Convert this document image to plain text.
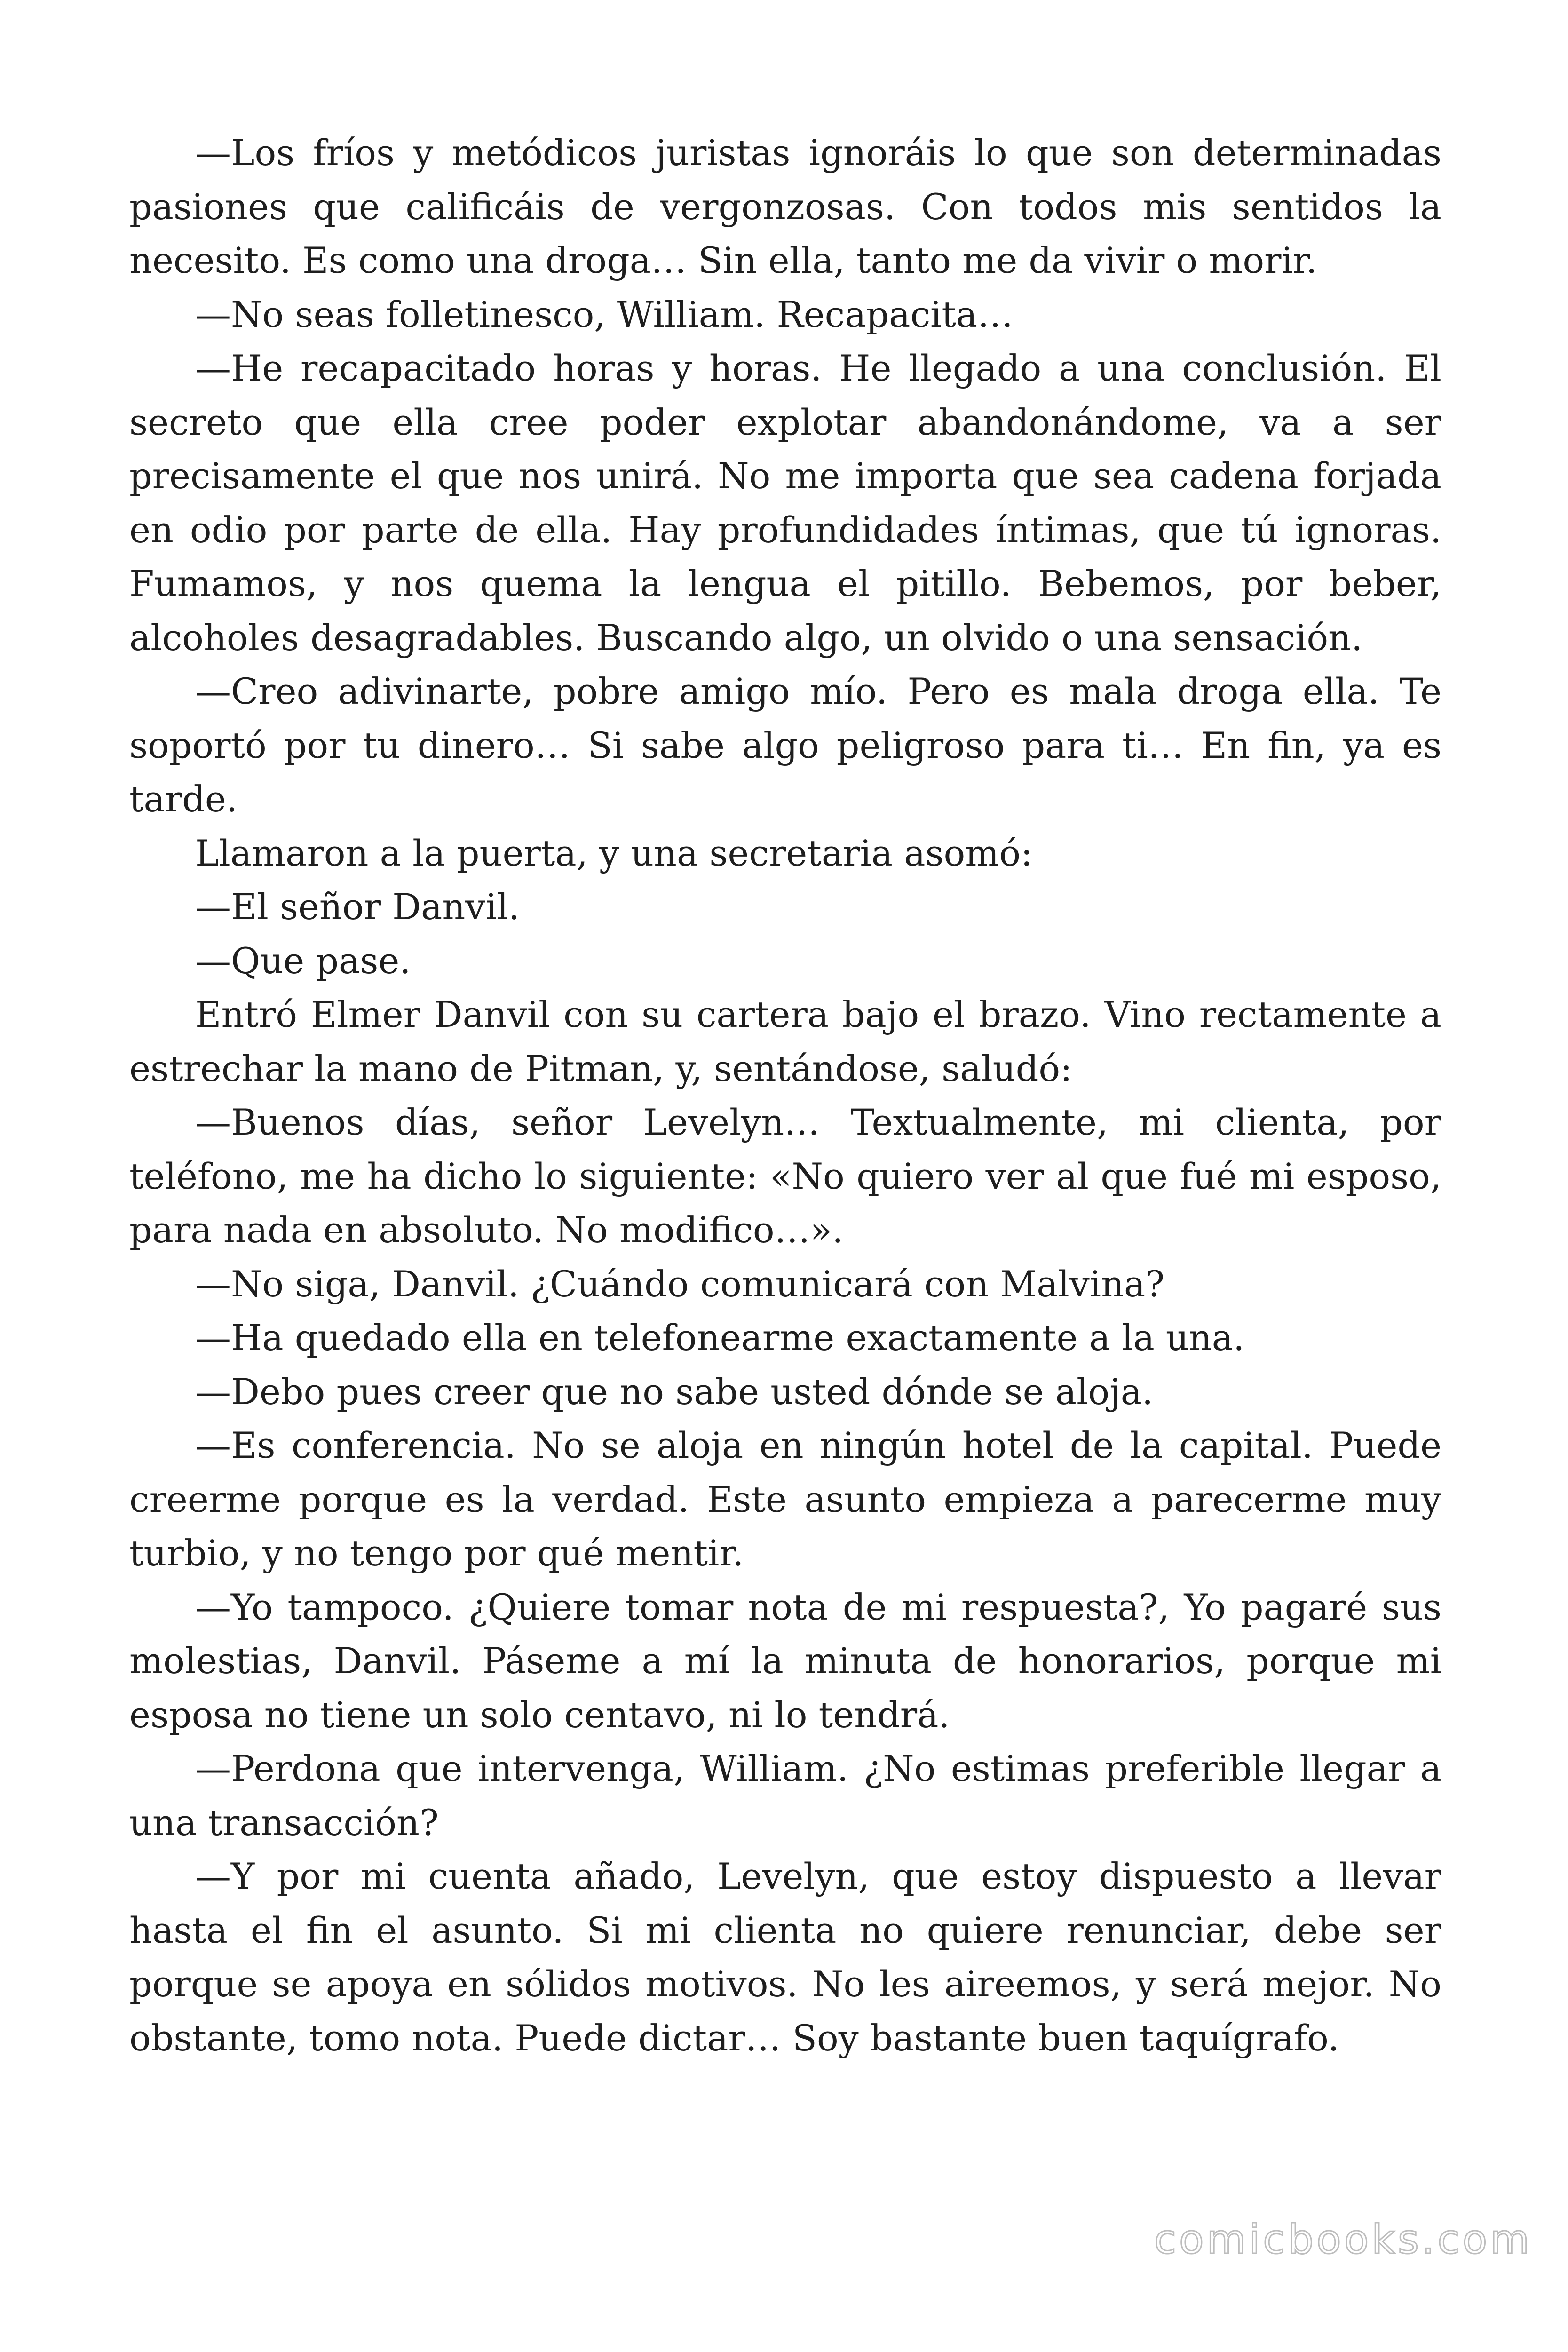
—Los fríos y metódicos juristas ignoráis lo que son determinadas pasiones que calificáis de vergonzosas. Con todos mis sentidos la necesito. Es como una droga… Sin ella, tanto me da vivir o morir.

—No seas folletinesco, William. Recapacita…

—He recapacitado horas y horas. He llegado a una conclusión. El secreto que ella cree poder explotar abandonándome, va a ser precisamente el que nos unirá. No me importa que sea cadena forjada en odio por parte de ella. Hay profundidades íntimas, que tú ignoras. Fumamos, y nos quema la lengua el pitillo. Bebemos, por beber, alcoholes desagradables. Buscando algo, un olvido o una sensación.

—Creo adivinarte, pobre amigo mío. Pero es mala droga ella. Te soportó por tu dinero… Si sabe algo peligroso para ti… En fin, ya es tarde.

Llamaron a la puerta, y una secretaria asomó:

—El señor Danvil.

—Que pase.

Entró Elmer Danvil con su cartera bajo el brazo. Vino rectamente a estrechar la mano de Pitman, y, sentándose, saludó:

—Buenos días, señor Levelyn… Textualmente, mi clienta, por teléfono, me ha dicho lo siguiente: «No quiero ver al que fué mi esposo, para nada en absoluto. No modifico…».

—No siga, Danvil. ¿Cuándo comunicará con Malvina?

—Ha quedado ella en telefonearme exactamente a la una.

—Debo pues creer que no sabe usted dónde se aloja.

—Es conferencia. No se aloja en ningún hotel de la capital. Puede creerme porque es la verdad. Este asunto empieza a parecerme muy turbio, y no tengo por qué mentir.

—Yo tampoco. ¿Quiere tomar nota de mi respuesta?, Yo pagaré sus molestias, Danvil. Páseme a mí la minuta de honorarios, porque mi esposa no tiene un solo centavo, ni lo tendrá.

—Perdona que intervenga, William. ¿No estimas preferible llegar a una transacción?

—Y por mi cuenta añado, Levelyn, que estoy dispuesto a llevar hasta el fin el asunto. Si mi clienta no quiere renunciar, debe ser porque se apoya en sólidos motivos. No les aireemos, y será mejor. No obstante, tomo nota. Puede dictar… Soy bastante buen taquígrafo.

comicbooks.com
